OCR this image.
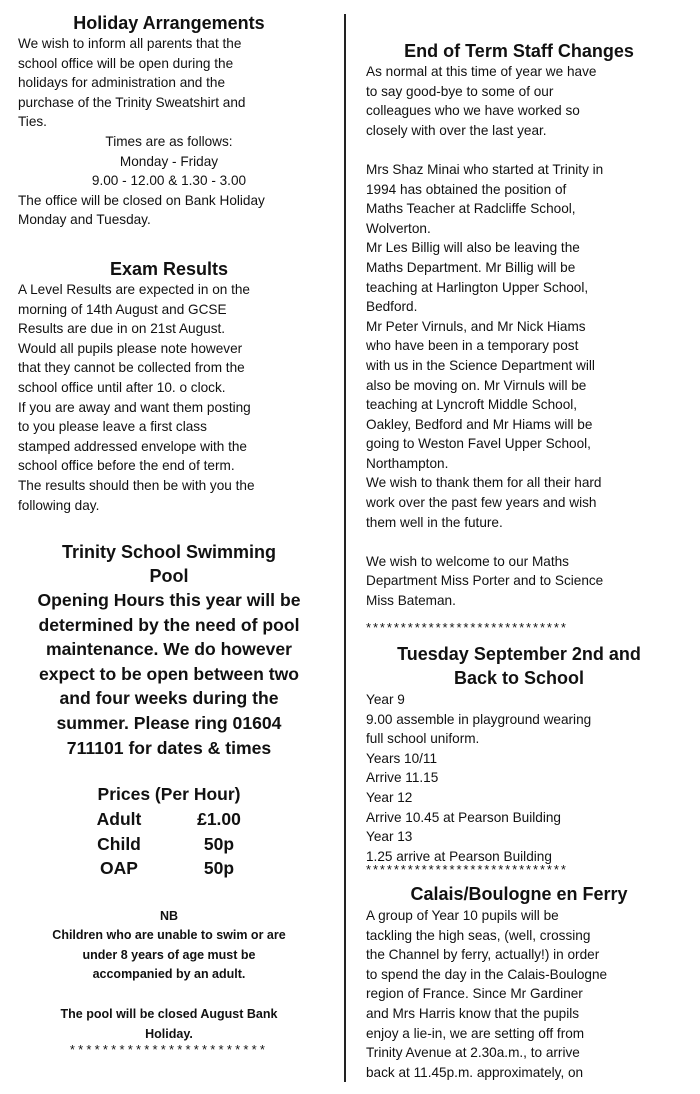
Holiday Arrangements
We wish to inform all parents that the
school office will be open during the
holidays for administration and the
purchase of the Trinity Sweatshirt and
Ties.
Times are as follows:
Monday - Friday
9.00 - 12.00 & 1.30 - 3.00
The office will be closed on Bank Holiday
Monday and Tuesday.
Exam Results
A Level Results are expected in on the
morning of 14th August and GCSE
Results are due in on 21st August.
Would all pupils please note however
that they cannot be collected from the
school office until after 10. o clock.
If you are away and want them posting
to you please leave a first class
stamped addressed envelope with the
school office before the end of term.
The results should then be with you the
following day.
Trinity School Swimming
Pool

Opening Hours this year will be

determined by the need of pool

maintenance. We do however

expect to be open between two

and four weeks during the

summer. Please ring 01604

711101 for dates & times

Prices (Per Hour)
Adult	£1.00
Child	50p
OAP	50p

NB

Children who are unable to swim or are

under 8 years of age must be

accompanied by an adult.

The pool will be closed August Bank

Holiday.

************************
End of Term Staff Changes
As normal at this time of year we have
to say good-bye to some of our
colleagues who we have worked so
closely with over the last year.
Mrs Shaz Minai who started at Trinity in
1994 has obtained the position of
Maths Teacher at Radcliffe School,
Wolverton.
Mr Les Billig will also be leaving the
Maths Department. Mr Billig will be
teaching at Harlington Upper School,
Bedford.
Mr Peter Virnuls, and Mr Nick Hiams
who have been in a temporary post
with us in the Science Department will
also be moving on. Mr Virnuls will be
teaching at Lyncroft Middle School,
Oakley, Bedford and Mr Hiams will be
going to Weston Favel Upper School,
Northampton.
We wish to thank them for all their hard
work over the past few years and wish
them well in the future.
We wish to welcome to our Maths
Department Miss Porter and to Science
Miss Bateman.
*****************************
Tuesday September 2nd and
Back to School
Year 9
9.00 assemble in playground wearing
full school uniform.
Years 10/11
Arrive 11.15
Year 12
Arrive 10.45 at Pearson Building
Year 13
1.25 arrive at Pearson Building
*****************************
Calais/Boulogne en Ferry
A group of Year 10 pupils will be
tackling the high seas, (well, crossing
the Channel by ferry, actually!) in order
to spend the day in the Calais-Boulogne
region of France. Since Mr Gardiner
and Mrs Harris know that the pupils
enjoy a lie-in, we are setting off from
Trinity Avenue at 2.30a.m., to arrive
back at 11.45p.m. approximately, on
